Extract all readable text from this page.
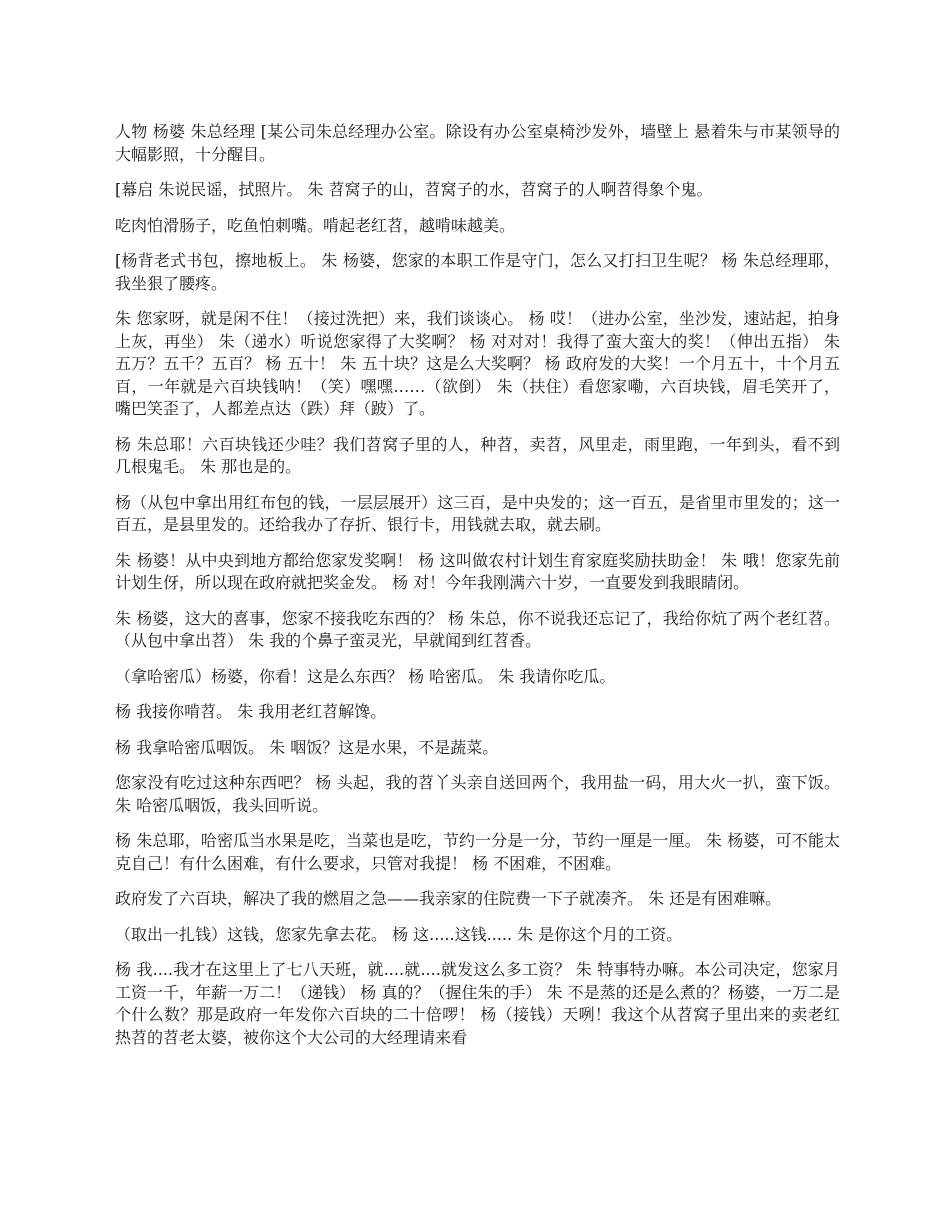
人物 杨婆 朱总经理 [某公司朱总经理办公室。除设有办公室桌椅沙发外，墙壁上 悬着朱与市某领导的大幅影照，十分醒目。

[幕启 朱说民谣，拭照片。 朱 苕窝子的山，苕窝子的水，苕窝子的人啊苕得象个鬼。

吃肉怕滑肠子，吃鱼怕刺嘴。啃起老红苕，越啃味越美。

[杨背老式书包，擦地板上。 朱 杨婆，您家的本职工作是守门，怎么又打扫卫生呢？ 杨 朱总经理耶，我坐狠了腰疼。

朱 您家呀，就是闲不住！（接过洗把）来，我们谈谈心。 杨 哎！（进办公室，坐沙发，速站起，拍身上灰，再坐） 朱（递水）听说您家得了大奖啊？ 杨 对对对！我得了蛮大蛮大的奖！（伸出五指） 朱 五万？五千？五百？ 杨 五十！ 朱 五十块？这是么大奖啊？ 杨 政府发的大奖！一个月五十，十个月五百，一年就是六百块钱呐！（笑）嘿嘿……（欲倒） 朱（扶住）看您家嘞，六百块钱，眉毛笑开了，嘴巴笑歪了，人都差点达（跌）拜（跛）了。

杨 朱总耶！六百块钱还少哇？我们苕窝子里的人，种苕，卖苕，风里走，雨里跑，一年到头，看不到几根鬼毛。 朱 那也是的。

杨（从包中拿出用红布包的钱，一层层展开）这三百，是中央发的；这一百五，是省里市里发的；这一百五，是县里发的。还给我办了存折、银行卡，用钱就去取，就去刷。

朱 杨婆！从中央到地方都给您家发奖啊！ 杨 这叫做农村计划生育家庭奖励扶助金！ 朱 哦！您家先前计划生伢，所以现在政府就把奖金发。 杨 对！今年我刚满六十岁，一直要发到我眼睛闭。

朱 杨婆，这大的喜事，您家不接我吃东西的？ 杨 朱总，你不说我还忘记了，我给你炕了两个老红苕。（从包中拿出苕） 朱 我的个鼻子蛮灵光，早就闻到红苕香。

（拿哈密瓜）杨婆，你看！这是么东西？ 杨 哈密瓜。 朱 我请你吃瓜。

杨 我接你啃苕。 朱 我用老红苕解馋。

杨 我拿哈密瓜咽饭。 朱 咽饭？这是水果，不是蔬菜。

您家没有吃过这种东西吧？ 杨 头起，我的苕丫头亲自送回两个，我用盐一码，用大火一扒，蛮下饭。 朱 哈密瓜咽饭，我头回听说。

杨 朱总耶，哈密瓜当水果是吃，当菜也是吃，节约一分是一分，节约一厘是一厘。 朱 杨婆，可不能太克自己！有什么困难，有什么要求，只管对我提！ 杨 不困难，不困难。

政府发了六百块，解决了我的燃眉之急——我亲家的住院费一下子就凑齐。 朱 还是有困难嘛。

（取出一扎钱）这钱，您家先拿去花。 杨 这.....这钱..... 朱 是你这个月的工资。

杨 我....我才在这里上了七八天班，就....就....就发这么多工资？ 朱 特事特办嘛。本公司决定，您家月工资一千，年薪一万二！（递钱） 杨 真的？（握住朱的手） 朱 不是蒸的还是么煮的？杨婆，一万二是个什么数？那是政府一年发你六百块的二十倍啰！ 杨（接钱）天咧！我这个从苕窝子里出来的卖老红热苕的苕老太婆，被你这个大公司的大经理请来看
